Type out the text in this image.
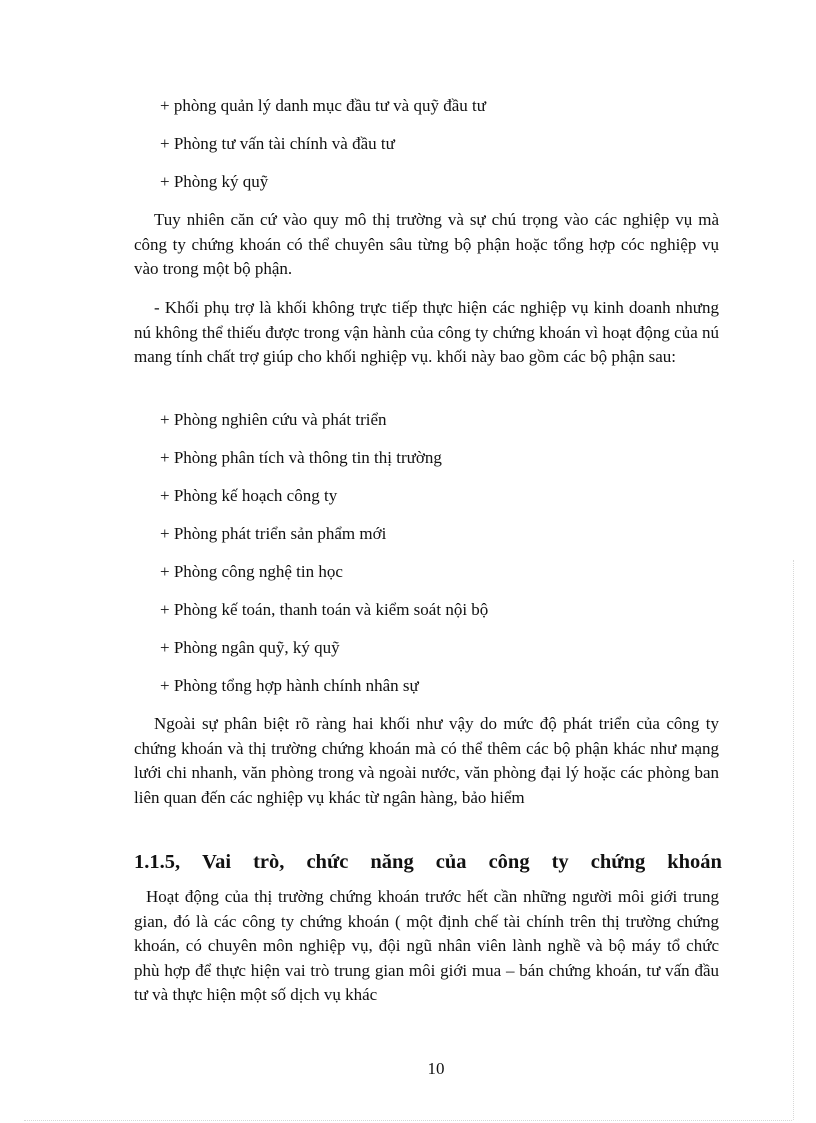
+ phòng quản lý danh mục đầu tư và quỹ đầu tư
+ Phòng tư vấn tài chính và đầu tư
+ Phòng ký quỹ
Tuy nhiên căn cứ vào quy mô thị trường và sự chú trọng vào các nghiệp vụ mà công ty chứng khoán có thể chuyên sâu từng bộ phận hoặc tổng hợp cóc nghiệp vụ vào trong một bộ phận.
- Khối phụ trợ là khối không trực tiếp thực hiện các nghiệp vụ kinh doanh nhưng nú không thể thiếu được trong vận hành của công ty chứng khoán vì hoạt động của nú mang tính chất trợ giúp cho khối nghiệp vụ. khối này bao gồm các bộ phận sau:
+ Phòng nghiên cứu và phát triển
+ Phòng phân tích và thông tin thị trường
+ Phòng kế hoạch công ty
+ Phòng phát triển sản phẩm mới
+ Phòng công nghệ tin học
+ Phòng kế toán, thanh toán và kiểm soát nội bộ
+ Phòng ngân quỹ, ký quỹ
+ Phòng tổng hợp hành chính nhân sự
Ngoài sự phân biệt rõ ràng hai khối như vậy do mức độ phát triển của công ty chứng khoán và thị trường chứng khoán mà có thể thêm các bộ phận khác như mạng lưới chi nhanh, văn phòng trong và ngoài nước, văn phòng đại lý hoặc các phòng ban liên quan đến các nghiệp vụ khác từ ngân hàng, bảo hiểm
1.1.5, Vai trò, chức năng của công ty chứng khoán
Hoạt động của thị trường chứng khoán trước hết cần những người môi giới trung gian, đó là các công ty chứng khoán ( một định chế tài chính trên thị trường chứng khoán, có chuyên môn nghiệp vụ, đội ngũ nhân viên lành nghề và bộ máy tổ chức phù hợp để thực hiện vai trò trung gian môi giới mua – bán chứng khoán, tư vấn đầu tư và thực hiện một số dịch vụ khác
10
